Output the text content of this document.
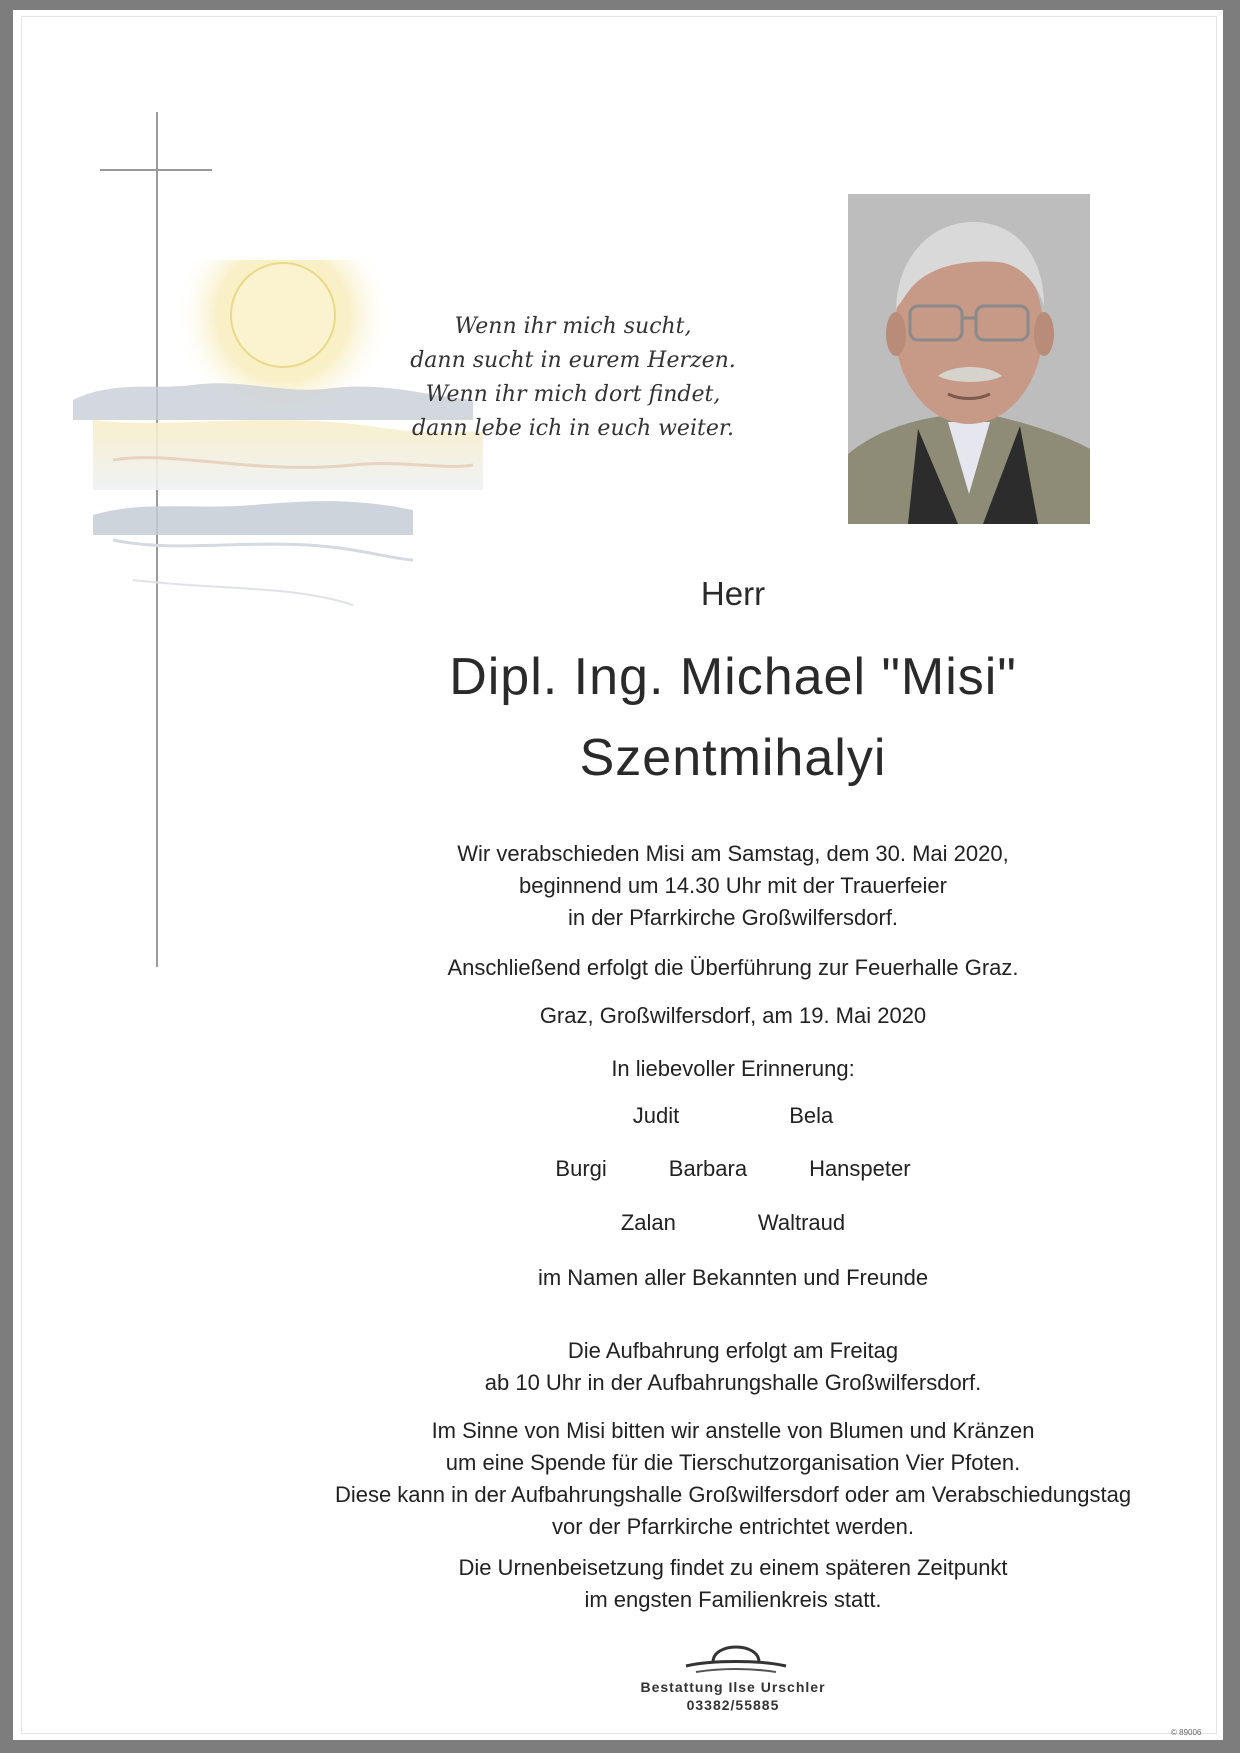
Wenn ihr mich sucht,
dann sucht in eurem Herzen.
Wenn ihr mich dort findet,
dann lebe ich in euch weiter.
Herr
Dipl. Ing. Michael "Misi"
Szentmihalyi
Wir verabschieden Misi am Samstag, dem 30. Mai 2020,
beginnend um 14.30 Uhr mit der Trauerfeier
in der Pfarrkirche Großwilfersdorf.
Anschließend erfolgt die Überführung zur Feuerhalle Graz.
Graz, Großwilfersdorf, am 19. Mai 2020
In liebevoller Erinnerung:
Judit	Bela
Burgi	Barbara	Hanspeter
Zalan	Waltraud
im Namen aller Bekannten und Freunde
Die Aufbahrung erfolgt am Freitag
ab 10 Uhr in der Aufbahrungshalle Großwilfersdorf.
Im Sinne von Misi bitten wir anstelle von Blumen und Kränzen
um eine Spende für die Tierschutzorganisation Vier Pfoten.
Diese kann in der Aufbahrungshalle Großwilfersdorf oder am Verabschiedungstag
vor der Pfarrkirche entrichtet werden.
Die Urnenbeisetzung findet zu einem späteren Zeitpunkt
im engsten Familienkreis statt.
Bestattung Ilse Urschler
03382/55885
© 89006
